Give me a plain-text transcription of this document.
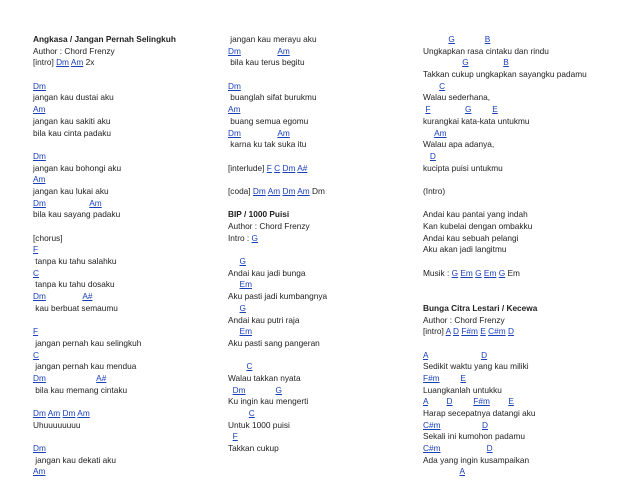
Angkasa / Jangan Pernah Selingkuh
Author : Chord Frenzy
[intro] Dm Am 2x
Dm
jangan kau dustai aku
Am
jangan kau sakiti aku
bila kau cinta padaku
Dm
jangan kau bohongi aku
Am
jangan kau lukai aku
Dm	Am
bila kau sayang padaku
[chorus]
F
tanpa ku tahu salahku
C
tanpa ku tahu dosaku
Dm	A#
kau berbuat semaumu
F
jangan pernah kau selingkuh
C
jangan pernah kau mendua
Dm	A#
bila kau memang cintaku
Dm Am Dm Am
Uhuuuuuuuu
Dm
jangan kau dekati aku
Am
jangan kau merayu aku
Dm	Am
bila kau terus begitu
Dm
buanglah sifat burukmu
Am
buang semua egomu
Dm	Am
karna ku tak suka itu
[interlude] F C Dm A#
[coda] Dm Am Dm Am Dm
BIP / 1000 Puisi
Author : Chord Frenzy
Intro : G
G
Andai kau jadi bunga
Em
Aku pasti jadi kumbangnya
G
Andai kau putri raja
Em
Aku pasti sang pangeran
C
Walau takkan nyata
Dm	G
Ku ingin kau mengerti
C
Untuk 1000 puisi
F
Takkan cukup
G	B
Ungkapkan rasa cintaku dan rindu
G	B
Takkan cukup ungkapkan sayangku padamu
C
Walau sederhana,
F	G	E
kurangkai kata-kata untukmu
Am
Walau apa adanya,
D
kucipta puisi untukmu
(Intro)
Andai kau pantai yang indah
Kan kubelai dengan ombakku
Andai kau sebuah pelangi
Aku akan jadi langitmu
Musik : G Em G Em G Em
Bunga Citra Lestari / Kecewa
Author : Chord Frenzy
[intro] A D F#m E C#m D
A	D
Sedikit waktu yang kau miliki
F#m	E
Luangkanlah untukku
A D	F#m E
Harap secepatnya datangi aku
C#m	D
Sekali ini kumohon padamu
C#m	D
Ada yang ingin kusampaikan
A
